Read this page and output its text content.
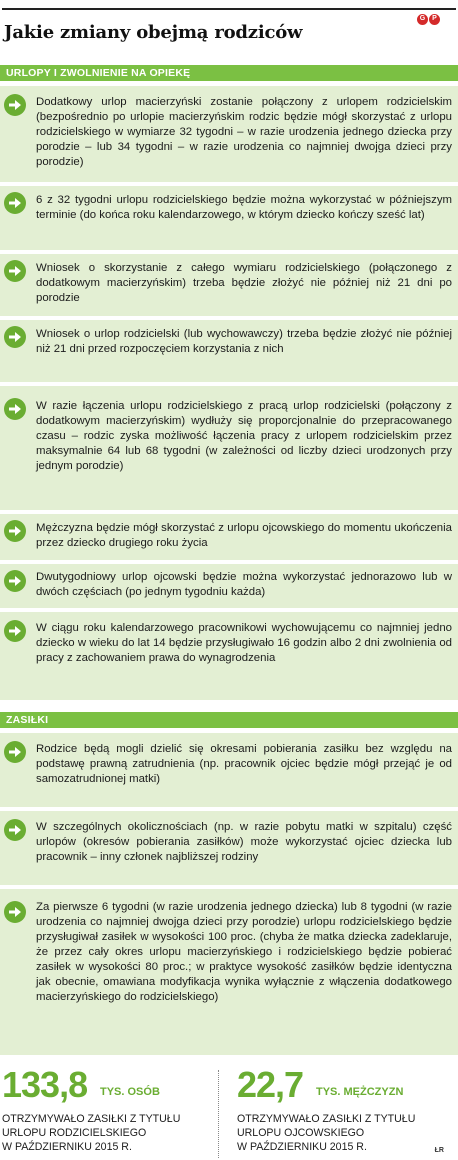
G P
Jakie zmiany obejmą rodziców
URLOPY I ZWOLNIENIE NA OPIEKĘ
Dodatkowy urlop macierzyński zostanie połączony z urlopem rodzicielskim (bezpośrednio po urlopie macierzyńskim rodzic będzie mógł skorzystać z urlopu rodzicielskiego w wymiarze 32 tygodni – w razie urodzenia jednego dziecka przy porodzie – lub 34 tygodni – w razie urodzenia co najmniej dwojga dzieci przy porodzie)
6 z 32 tygodni urlopu rodzicielskiego będzie można wykorzystać w późniejszym terminie (do końca roku kalendarzowego, w którym dziecko kończy sześć lat)
Wniosek o skorzystanie z całego wymiaru rodzicielskiego (połączonego z dodatkowym macierzyńskim) trzeba będzie złożyć nie później niż 21 dni po porodzie
Wniosek o urlop rodzicielski (lub wychowawczy) trzeba będzie złożyć nie później niż 21 dni przed rozpoczęciem korzystania z nich
W razie łączenia urlopu rodzicielskiego z pracą urlop rodzicielski (połączony z dodatkowym macierzyńskim) wydłuży się proporcjonalnie do przepracowanego czasu – rodzic zyska możliwość łączenia pracy z urlopem rodzicielskim przez maksymalnie 64 lub 68 tygodni (w zależności od liczby dzieci urodzonych przy jednym porodzie)
Mężczyzna będzie mógł skorzystać z urlopu ojcowskiego do momentu ukończenia przez dziecko drugiego roku życia
Dwutygodniowy urlop ojcowski będzie można wykorzystać jednorazowo lub w dwóch częściach (po jednym tygodniu każda)
W ciągu roku kalendarzowego pracownikowi wychowującemu co najmniej jedno dziecko w wieku do lat 14 będzie przysługiwało 16 godzin albo 2 dni zwolnienia od pracy z zachowaniem prawa do wynagrodzenia
ZASIŁKI
Rodzice będą mogli dzielić się okresami pobierania zasiłku bez względu na podstawę prawną zatrudnienia (np. pracownik ojciec będzie mógł przejąć je od samozatrudnionej matki)
W szczególnych okolicznościach (np. w razie pobytu matki w szpitalu) część urlopów (okresów pobierania zasiłków) może wykorzystać ojciec dziecka lub pracownik – inny członek najbliższej rodziny
Za pierwsze 6 tygodni (w razie urodzenia jednego dziecka) lub 8 tygodni (w razie urodzenia co najmniej dwojga dzieci przy porodzie) urlopu rodzicielskiego będzie przysługiwał zasiłek w wysokości 100 proc. (chyba że matka dziecka zadeklaruje, że przez cały okres urlopu macierzyńskiego i rodzicielskiego będzie pobierać zasiłek w wysokości 80 proc.; w praktyce wysokość zasiłków będzie identyczna jak obecnie, omawiana modyfikacja wynika wyłącznie z włączenia dodatkowego macierzyńskiego do rodzicielskiego)
133,8 TYS. OSÓB
OTRZYMYWAŁO ZASIŁKI Z TYTUŁU
URLOPU RODZICIELSKIEGO
W PAŹDZIERNIKU 2015 R.
22,7 TYS. MĘŻCZYZN
OTRZYMYWAŁO ZASIŁKI Z TYTUŁU
URLOPU OJCOWSKIEGO
W PAŹDZIERNIKU 2015 R.	ŁR
